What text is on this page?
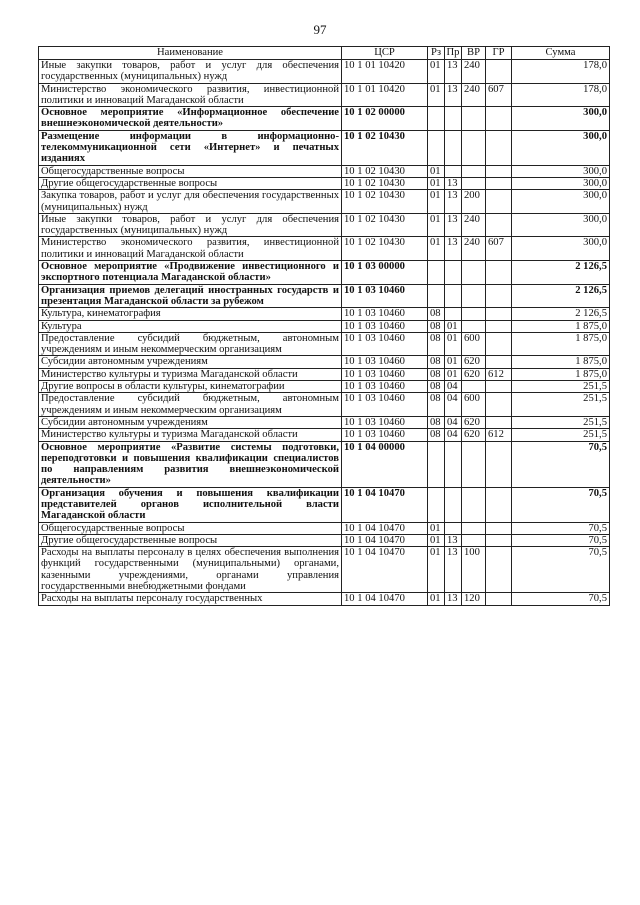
97
Наименование	ЦСР	Рз	Пр	ВР	ГР	Сумма
Иные закупки товаров, работ и услуг для обеспечения государственных (муниципальных) нужд	10 1 01 10420	01	13	240		178,0
Министерство экономического развития, инвестиционной политики и инноваций Магаданской области	10 1 01 10420	01	13	240	607	178,0
Основное мероприятие «Информационное обеспечение внешнеэкономической деятельности»	10 1 02 00000					300,0
Размещение информации в информационно-телекоммуникационной сети «Интернет» и печатных изданиях	10 1 02 10430					300,0
Общегосударственные вопросы	10 1 02 10430	01				300,0
Другие общегосударственные вопросы	10 1 02 10430	01	13			300,0
Закупка товаров, работ и услуг для обеспечения государственных (муниципальных) нужд	10 1 02 10430	01	13	200		300,0
Иные закупки товаров, работ и услуг для обеспечения государственных (муниципальных) нужд	10 1 02 10430	01	13	240		300,0
Министерство экономического развития, инвестиционной политики и инноваций Магаданской области	10 1 02 10430	01	13	240	607	300,0
Основное мероприятие «Продвижение инвестиционного и экспортного потенциала Магаданской области»	10 1 03 00000					2 126,5
Организация приемов делегаций иностранных государств и презентация Магаданской области за рубежом	10 1 03 10460					2 126,5
Культура, кинематография	10 1 03 10460	08				2 126,5
Культура	10 1 03 10460	08	01			1 875,0
Предоставление субсидий бюджетным, автономным учреждениям и иным некоммерческим организациям	10 1 03 10460	08	01	600		1 875,0
Субсидии автономным учреждениям	10 1 03 10460	08	01	620		1 875,0
Министерство культуры и туризма Магаданской области	10 1 03 10460	08	01	620	612	1 875,0
Другие вопросы в области культуры, кинематографии	10 1 03 10460	08	04			251,5
Предоставление субсидий бюджетным, автономным учреждениям и иным некоммерческим организациям	10 1 03 10460	08	04	600		251,5
Субсидии автономным учреждениям	10 1 03 10460	08	04	620		251,5
Министерство культуры и туризма Магаданской области	10 1 03 10460	08	04	620	612	251,5
Основное мероприятие «Развитие системы подготовки, переподготовки и повышения квалификации специалистов по направлениям развития внешнеэкономической деятельности»	10 1 04 00000					70,5
Организация обучения и повышения квалификации представителей органов исполнительной власти Магаданской области	10 1 04 10470					70,5
Общегосударственные вопросы	10 1 04 10470	01				70,5
Другие общегосударственные вопросы	10 1 04 10470	01	13			70,5
Расходы на выплаты персоналу в целях обеспечения выполнения функций государственными (муниципальными) органами, казенными учреждениями, органами управления государственными внебюджетными фондами	10 1 04 10470	01	13	100		70,5
Расходы на выплаты персоналу государственных	10 1 04 10470	01	13	120		70,5
